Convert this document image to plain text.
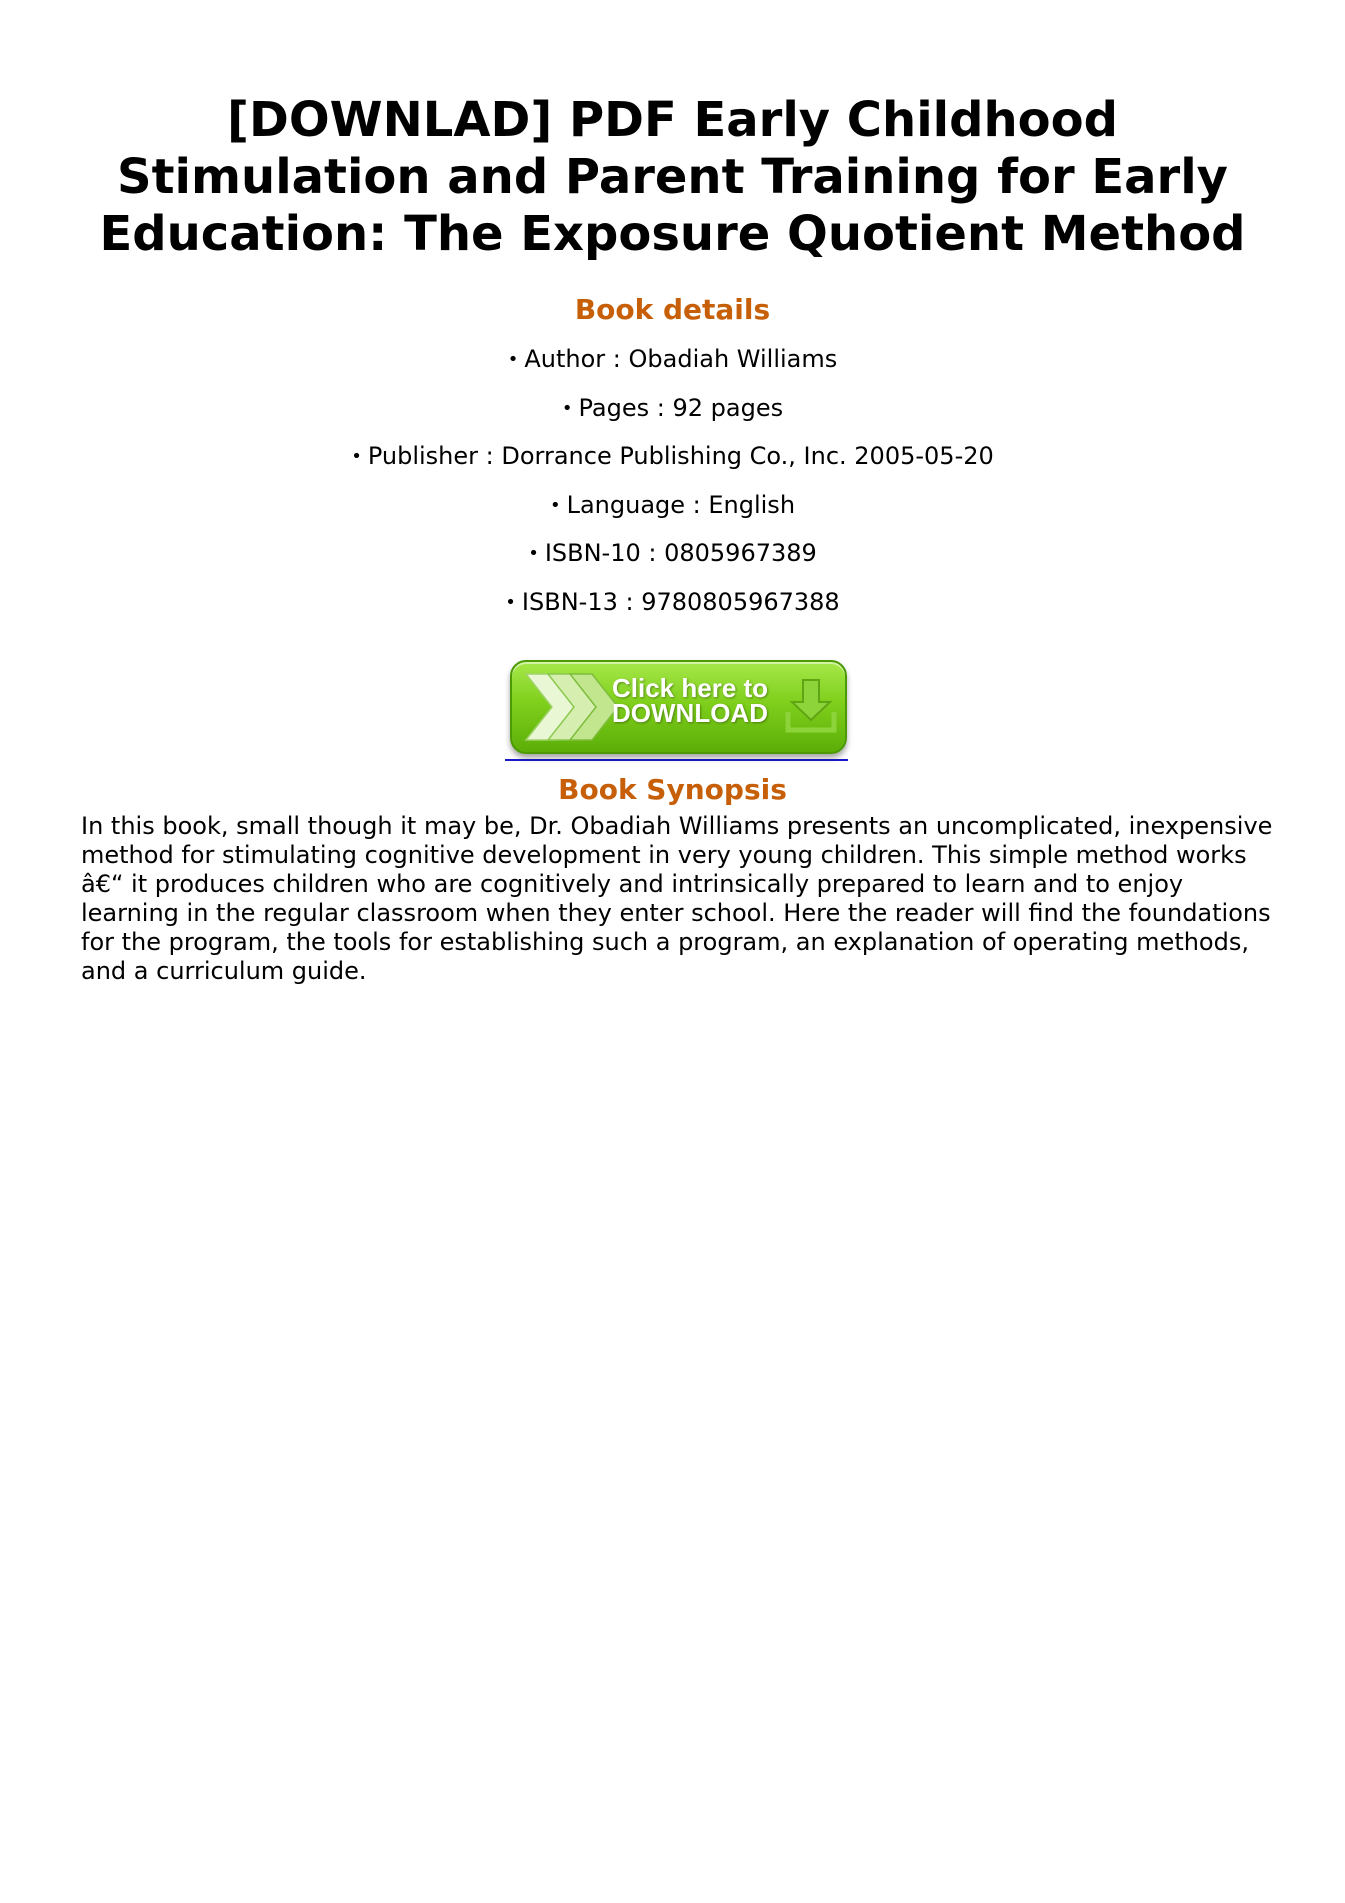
[DOWNLAD] PDF Early Childhood
Stimulation and Parent Training for Early
Education: The Exposure Quotient Method
Book details
• Author : Obadiah Williams
• Pages : 92 pages
• Publisher : Dorrance Publishing Co., Inc. 2005-05-20
• Language : English
• ISBN-10 : 0805967389
• ISBN-13 : 9780805967388
Click here to
DOWNLOAD
Book Synopsis

In this book, small though it may be, Dr. Obadiah Williams presents an uncomplicated, inexpensive method for stimulating cognitive development in very young children. This simple method works â€“ it produces children who are cognitively and intrinsically prepared to learn and to enjoy learning in the regular classroom when they enter school. Here the reader will find the foundations for the program, the tools for establishing such a program, an explanation of operating methods, and a curriculum guide.
